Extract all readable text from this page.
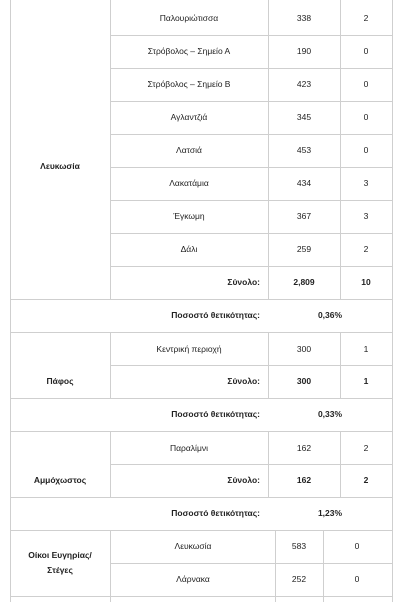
Λευκωσία
Παλουριώτισσα	338	2
Στρόβολος – Σημείο Α	190	0
Στρόβολος – Σημείο Β	423	0
Αγλαντζιά	345	0
Λατσιά	453	0
Λακατάμια	434	3
Έγκωμη	367	3
Δάλι	259	2
Σύνολο:	2,809	10
Ποσοστό θετικότητας:	0,36%
Πάφος
Κεντρική περιοχή	300	1
Σύνολο:	300	1
Ποσοστό θετικότητας:	0,33%
Αμμόχωστος
Παραλίμνι	162	2
Σύνολο:	162	2
Ποσοστό θετικότητας:	1,23%
Οίκοι Ευγηρίας/
Στέγες
Λευκωσία	583	0
Λάρνακα	252	0
